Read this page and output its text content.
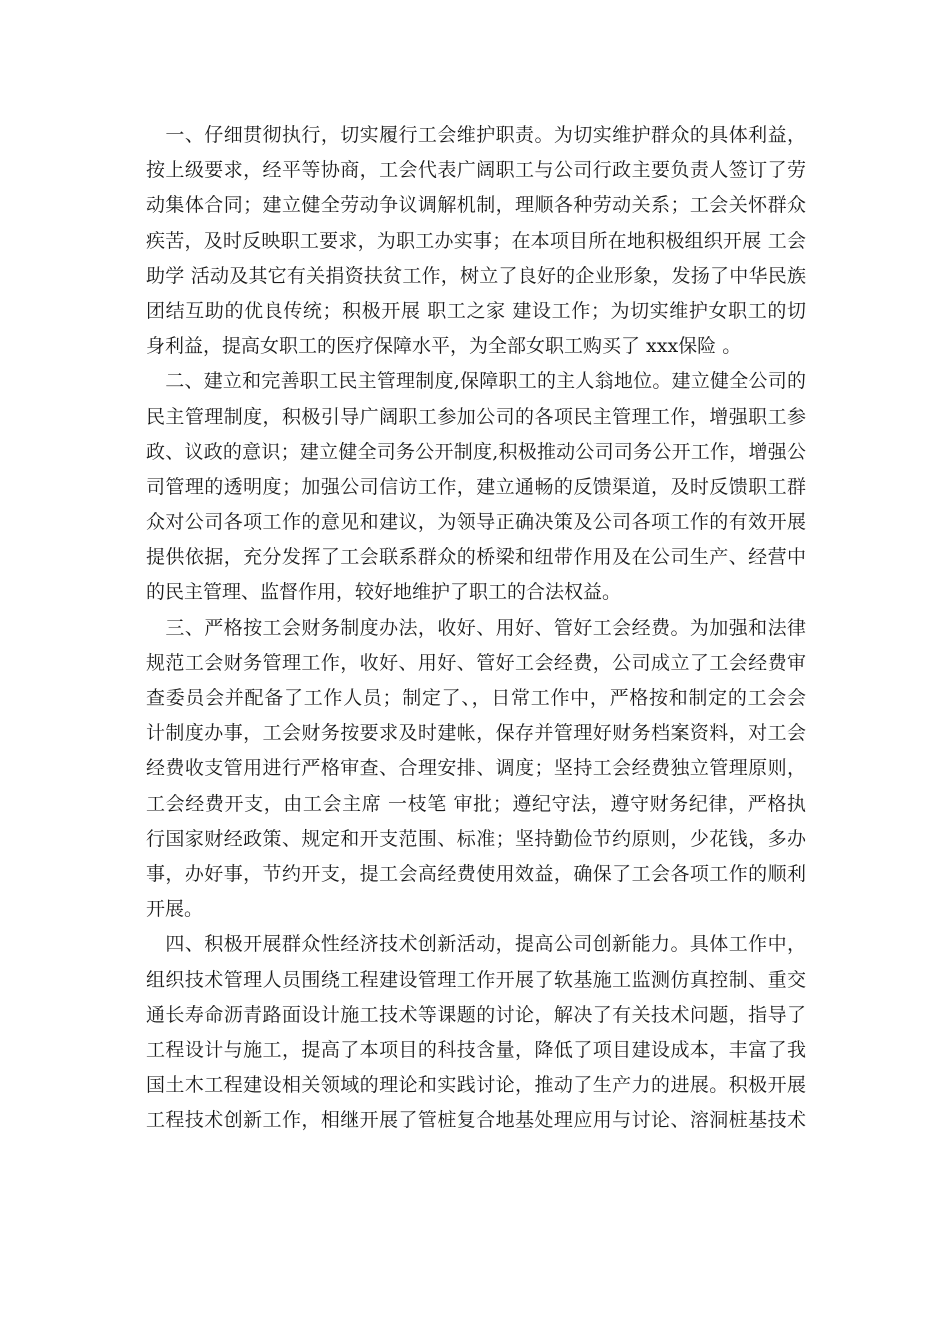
　一、仔细贯彻执行，切实履行工会维护职责。为切实维护群众的具体利益，
按上级要求，经平等协商，工会代表广阔职工与公司行政主要负责人签订了劳
动集体合同；建立健全劳动争议调解机制，理顺各种劳动关系；工会关怀群众
疾苦，及时反映职工要求，为职工办实事；在本项目所在地积极组织开展 工会
助学 活动及其它有关捐资扶贫工作，树立了良好的企业形象，发扬了中华民族
团结互助的优良传统；积极开展 职工之家 建设工作；为切实维护女职工的切
身利益，提高女职工的医疗保障水平，为全部女职工购买了 xxx保险 。
　二、建立和完善职工民主管理制度,保障职工的主人翁地位。建立健全公司的
民主管理制度，积极引导广阔职工参加公司的各项民主管理工作，增强职工参
政、议政的意识；建立健全司务公开制度,积极推动公司司务公开工作，增强公
司管理的透明度；加强公司信访工作，建立通畅的反馈渠道，及时反馈职工群
众对公司各项工作的意见和建议，为领导正确决策及公司各项工作的有效开展
提供依据，充分发挥了工会联系群众的桥梁和纽带作用及在公司生产、经营中
的民主管理、监督作用，较好地维护了职工的合法权益。
　三、严格按工会财务制度办法，收好、用好、管好工会经费。为加强和法律
规范工会财务管理工作，收好、用好、管好工会经费，公司成立了工会经费审
查委员会并配备了工作人员；制定了、，日常工作中，严格按和制定的工会会
计制度办事，工会财务按要求及时建帐，保存并管理好财务档案资料，对工会
经费收支管用进行严格审查、合理安排、调度；坚持工会经费独立管理原则，
工会经费开支，由工会主席 一枝笔 审批；遵纪守法，遵守财务纪律，严格执
行国家财经政策、规定和开支范围、标准；坚持勤俭节约原则，少花钱，多办
事，办好事，节约开支，提工会高经费使用效益，确保了工会各项工作的顺利
开展。
　四、积极开展群众性经济技术创新活动，提高公司创新能力。具体工作中，
组织技术管理人员围绕工程建设管理工作开展了软基施工监测仿真控制、重交
通长寿命沥青路面设计施工技术等课题的讨论，解决了有关技术问题，指导了
工程设计与施工，提高了本项目的科技含量，降低了项目建设成本，丰富了我
国土木工程建设相关领域的理论和实践讨论，推动了生产力的进展。积极开展
工程技术创新工作，相继开展了管桩复合地基处理应用与讨论、溶洞桩基技术
